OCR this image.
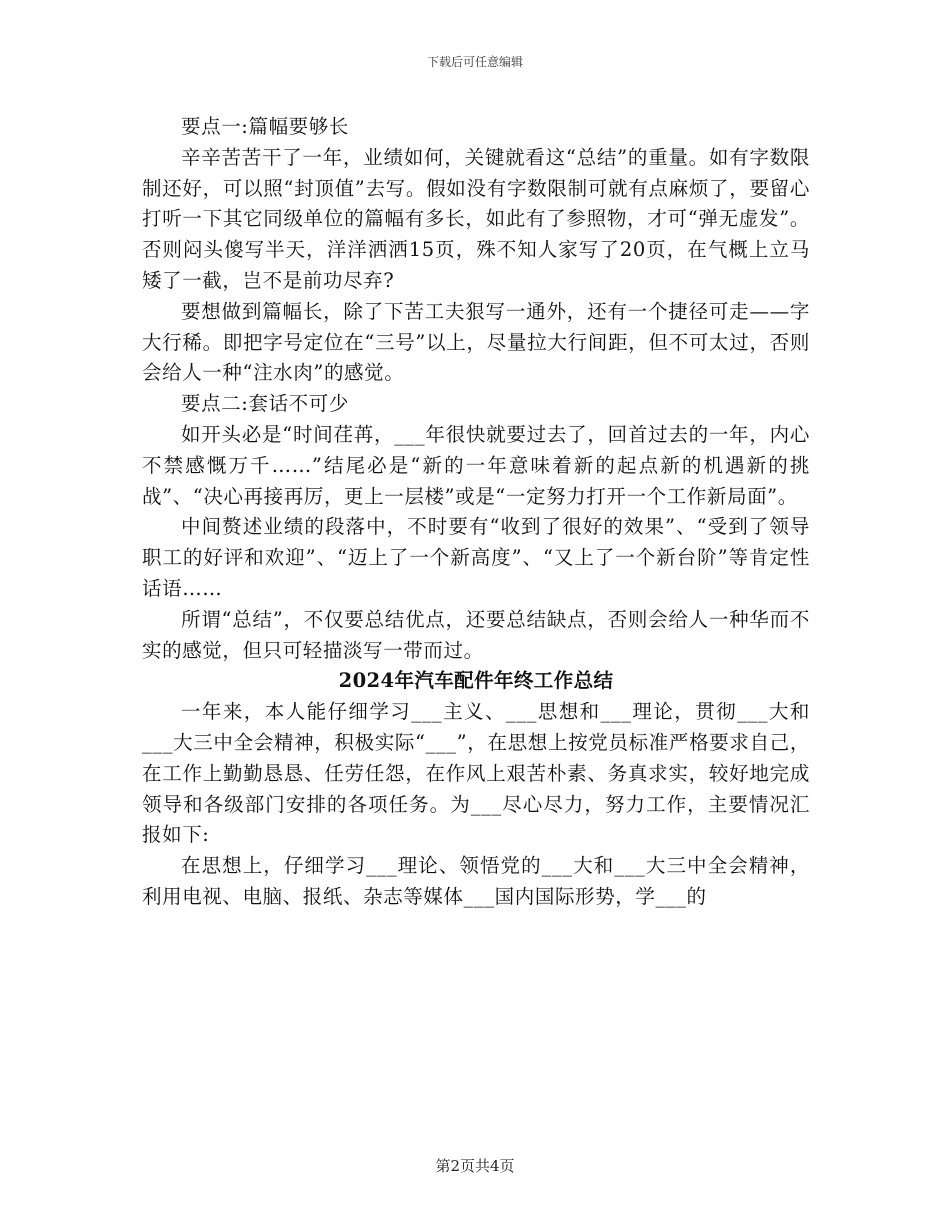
下载后可任意编辑

要点一:篇幅要够长

辛辛苦苦干了一年，业绩如何，关键就看这“总结”的重量。如有字数限制还好，可以照“封顶值”去写。假如没有字数限制可就有点麻烦了，要留心打听一下其它同级单位的篇幅有多长，如此有了参照物，才可“弹无虚发”。否则闷头傻写半天，洋洋洒洒15页，殊不知人家写了20页，在气概上立马矮了一截，岂不是前功尽弃?

要想做到篇幅长，除了下苦工夫狠写一通外，还有一个捷径可走——字大行稀。即把字号定位在“三号”以上，尽量拉大行间距，但不可太过，否则会给人一种“注水肉”的感觉。

要点二:套话不可少

如开头必是“时间荏苒，___年很快就要过去了，回首过去的一年，内心不禁感慨万千……”结尾必是“新的一年意味着新的起点新的机遇新的挑战”、“决心再接再厉，更上一层楼”或是“一定努力打开一个工作新局面”。

中间赘述业绩的段落中，不时要有“收到了很好的效果”、“受到了领导职工的好评和欢迎”、“迈上了一个新高度”、“又上了一个新台阶”等肯定性话语……

所谓“总结”，不仅要总结优点，还要总结缺点，否则会给人一种华而不实的感觉，但只可轻描淡写一带而过。

2024年汽车配件年终工作总结

一年来，本人能仔细学习___主义、___思想和___理论，贯彻___大和___大三中全会精神，积极实际“___”，在思想上按党员标准严格要求自己，在工作上勤勤恳恳、任劳任怨，在作风上艰苦朴素、务真求实，较好地完成领导和各级部门安排的各项任务。为___尽心尽力，努力工作，主要情况汇报如下:

在思想上，仔细学习___理论、领悟党的___大和___大三中全会精神，利用电视、电脑、报纸、杂志等媒体___国内国际形势，学___的

第2页共4页
